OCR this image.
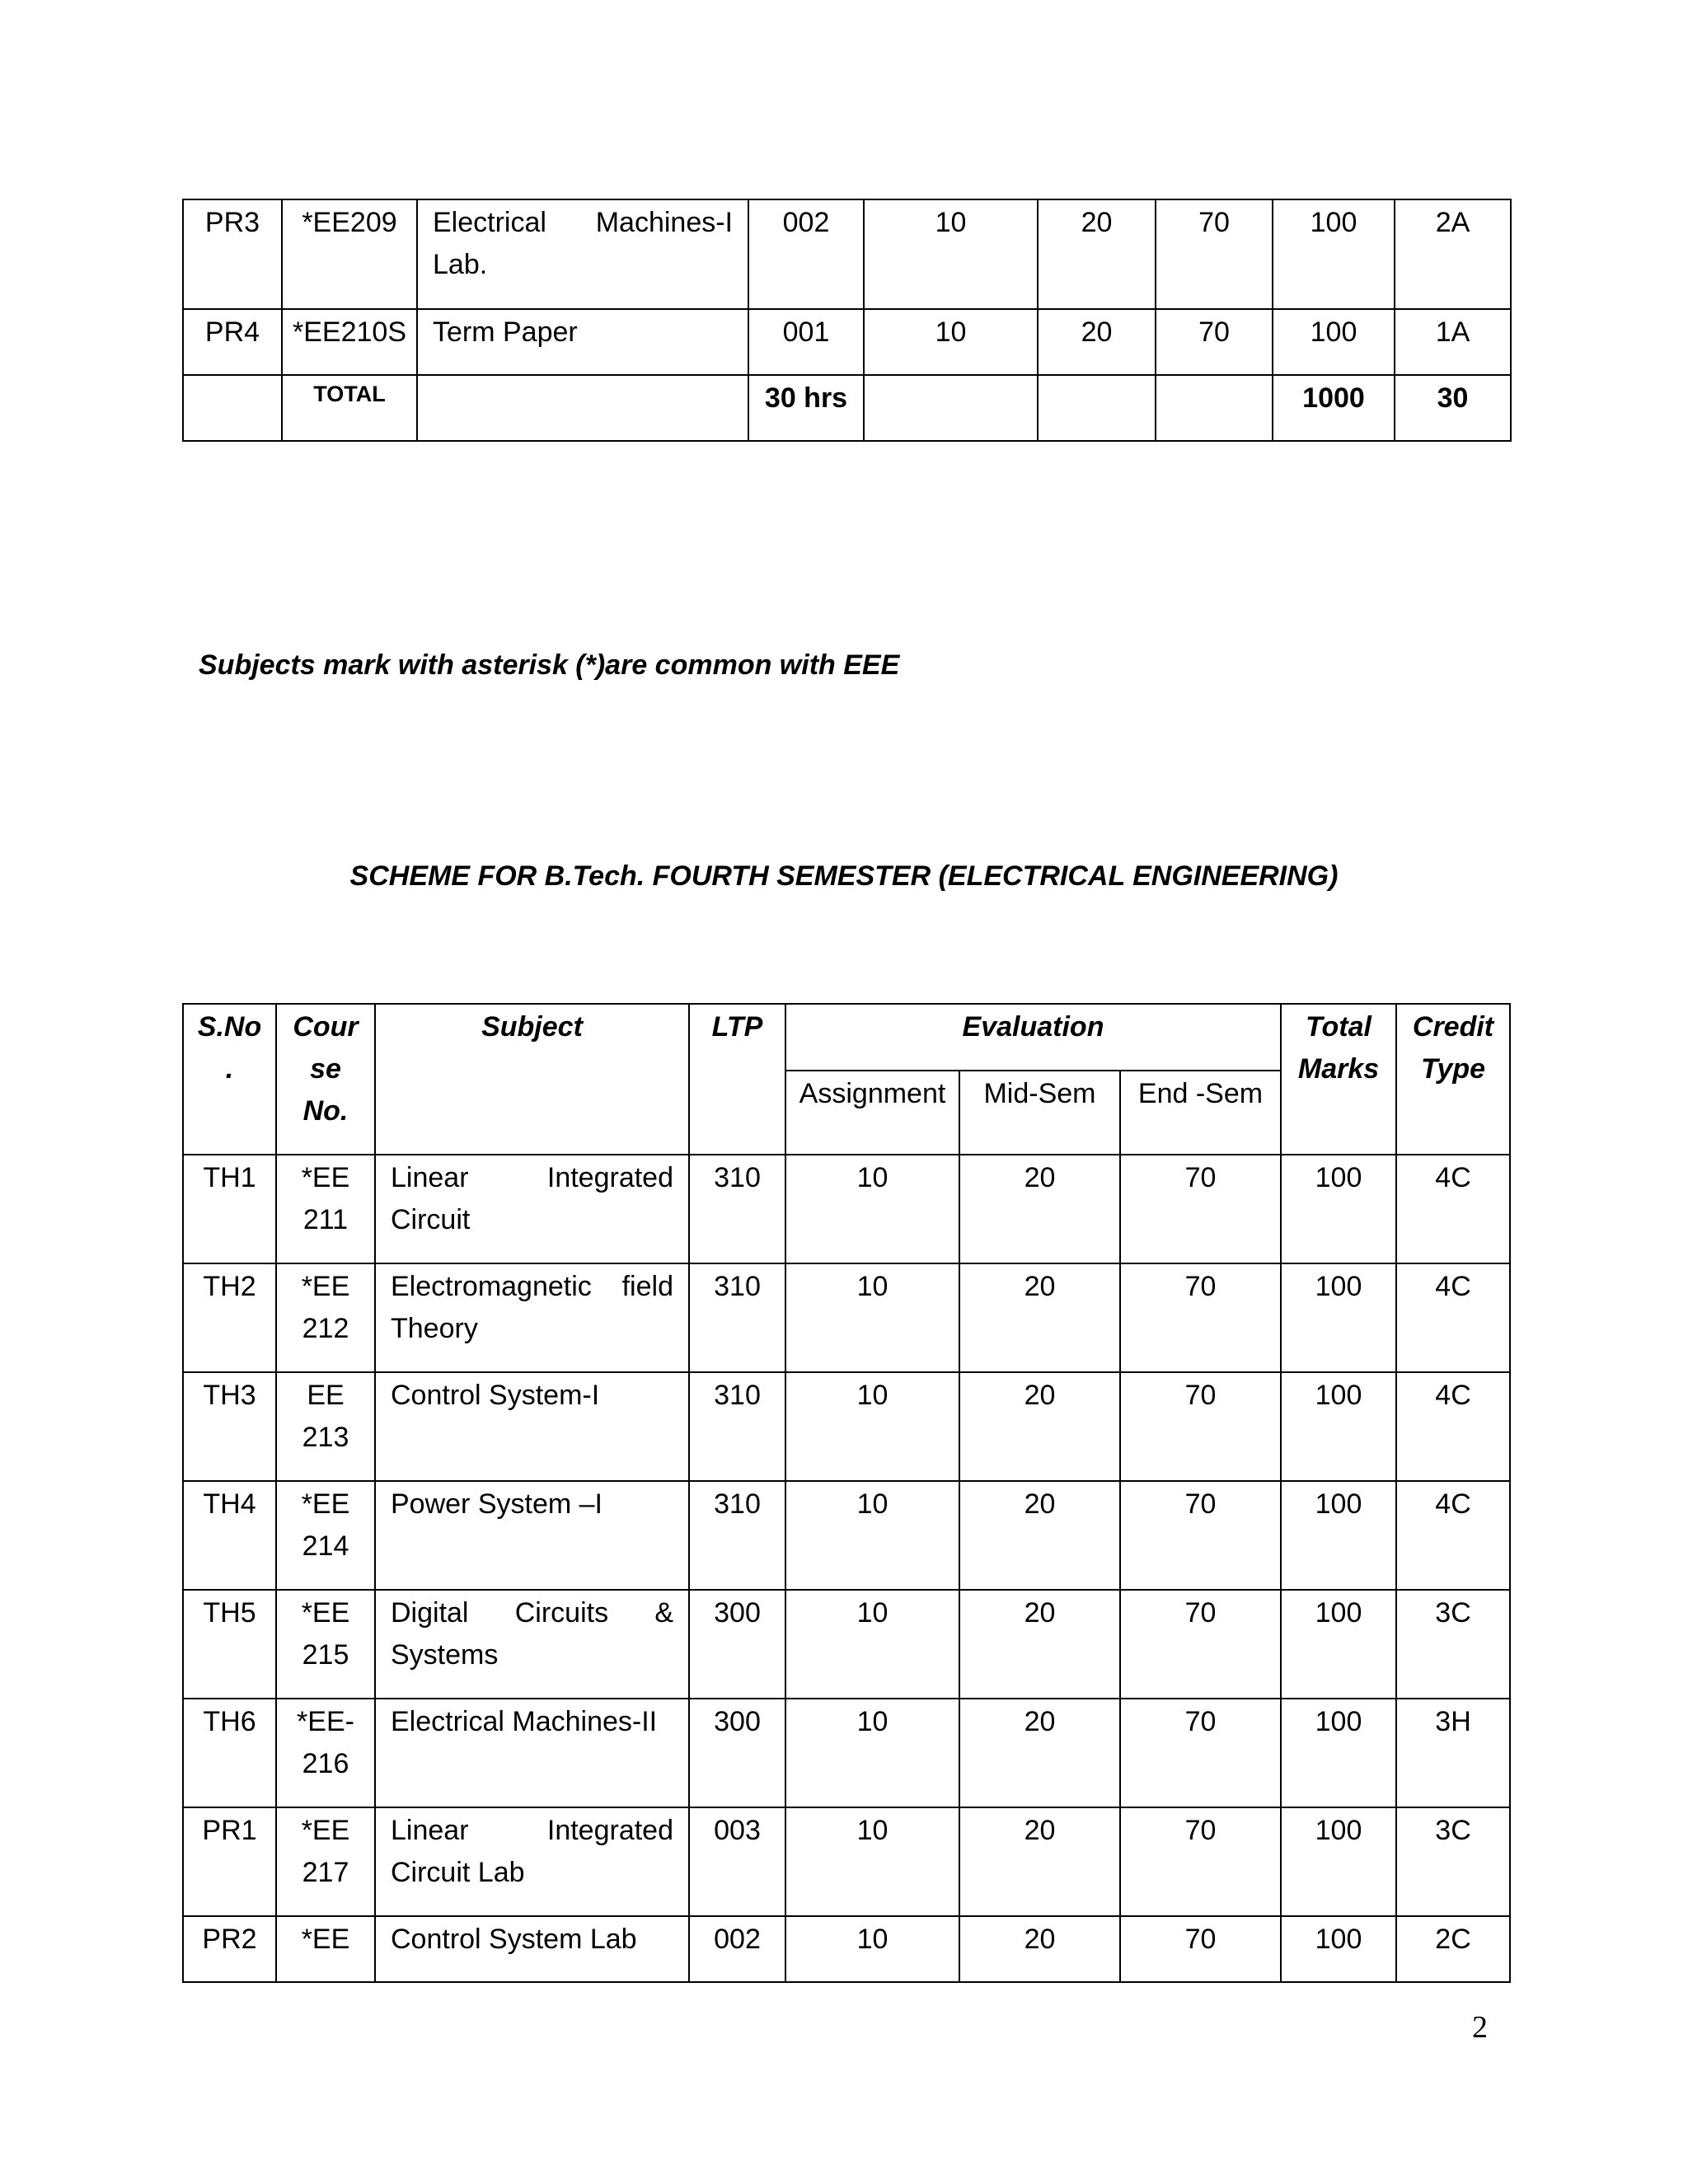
PR3	*EE209	Electrical Machines-I Lab.	002	10	20	70	100	2A
PR4	*EE210S	Term Paper	001	10	20	70	100	1A
	TOTAL		30 hrs				1000	30
Subjects mark with asterisk (*)are common with EEE
SCHEME FOR B.Tech. FOURTH SEMESTER (ELECTRICAL ENGINEERING)
S.No .	Cour se No.	Subject	LTP	Evaluation			Total Marks	Credit Type
				Assignment	Mid-Sem	End -Sem		
TH1	*EE 211	Linear Integrated Circuit	310	10	20	70	100	4C
TH2	*EE 212	Electromagnetic field Theory	310	10	20	70	100	4C
TH3	EE 213	Control System-I	310	10	20	70	100	4C
TH4	*EE 214	Power System –I	310	10	20	70	100	4C
TH5	*EE 215	Digital Circuits & Systems	300	10	20	70	100	3C
TH6	*EE- 216	Electrical Machines-II	300	10	20	70	100	3H
PR1	*EE 217	Linear Integrated Circuit Lab	003	10	20	70	100	3C
PR2	*EE	Control System Lab	002	10	20	70	100	2C
2
